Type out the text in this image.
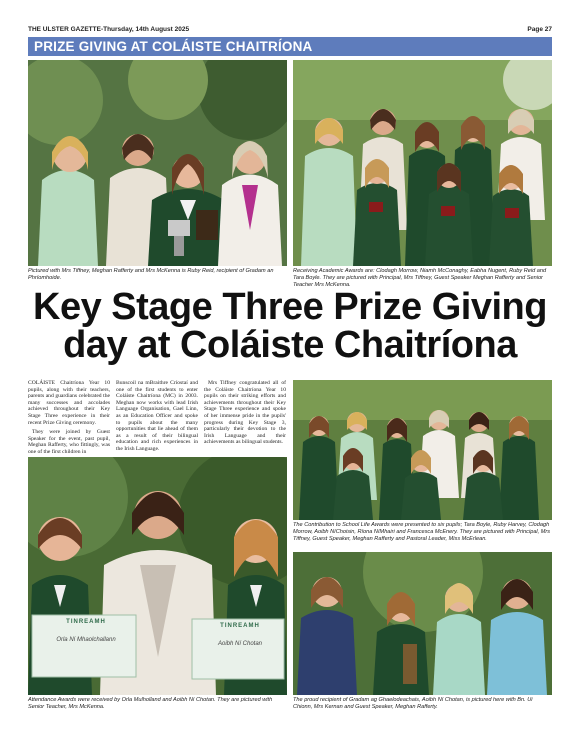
THE ULSTER GAZETTE-Thursday, 14th August 2025	Page 27
PRIZE GIVING AT COLÁISTE CHAITRÍONA
Pictured with Mrs Tiffney, Meghan Rafferty and Mrs McKenna is Ruby Reid, recipient of Gradam an Phríomhoide.
Receiving Academic Awards are: Clodagh Morrow, Niamh McConaghy, Eabha Nugent, Ruby Reid and Tara Boyle. They are pictured with Principal, Mrs Tiffney, Guest Speaker Meghan Rafferty and Senior Teacher Mrs McKenna.
Key Stage Three Prize Giving
day at Coláiste Chaitríona

COLÁISTE Chaitríona Year 10 pupils, along with their teachers, parents and guardians celebrated the many successes and accolades achieved throughout their Key Stage Three experience in their recent Prize Giving ceremony.

They were joined by Guest Speaker for the event, past pupil, Meghan Rafferty, who fittingly, was one of the first children in

Bunscoil na mBraithre Críostaí and one of the first students to enter Coláiste Chaitríona (MC) in 2003. Meghan now works with lead Irish Language Organisation, Gael Linn, as an Education Officer and spoke to pupils about the many opportunities that lie ahead of them as a result of their bilingual education and rich experiences in the Irish Language.

Mrs Tiffney congratulated all of the Coláiste Chaitríona Year 10 pupils on their striking efforts and achievements throughout their Key Stage Three experience and spoke of her immense pride in the pupils' progress during Key Stage 3, particularly their devotion to the Irish Language and their achievements as bilingual students.

The Contribution to School Life Awards were presented to six pupils; Tara Boyle, Ruby Harvey, Clodagh Morrow, Aoibh NíChoisin, Ríona NíMhairi and Francesca McEnery. They are pictured with Principal, Mrs Tiffney, Guest Speaker, Meghan Rafferty and Pastoral Leader, Miss McErlean.
TINREAMH
Orla Ní Mhaolchallann
TINREAMH
Aoibh Ní Chotan
Attendance Awards were received by Orla Mulholland and Aoibh Ní Chotan. They are pictured with Senior Teacher, Mrs McKenna.
The proud recipient of Gradam ag Ghaelodeachais, Aoibh Ní Chotan, is pictured here with Bn. Ui Chionn, Mrs Kernan and Guest Speaker, Meghan Rafferty.
